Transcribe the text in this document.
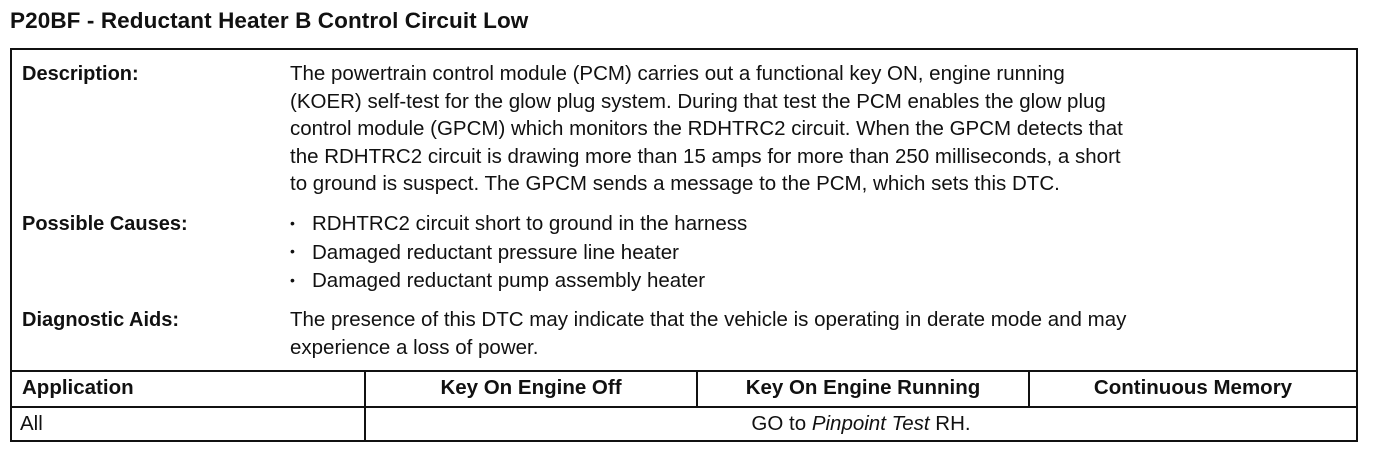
P20BF - Reductant Heater B Control Circuit Low
Description:	The powertrain control module (PCM) carries out a functional key ON, engine running

(KOER) self-test for the glow plug system. During that test the PCM enables the glow plug

control module (GPCM) which monitors the RDHTRC2 circuit. When the GPCM detects that

the RDHTRC2 circuit is drawing more than 15 amps for more than 250 milliseconds, a short

to ground is suspect. The GPCM sends a message to the PCM, which sets this DTC.

Possible Causes:	• RDHTRC2 circuit short to ground in the harness
• Damaged reductant pressure line heater
• Damaged reductant pump assembly heater
Diagnostic Aids:	The presence of this DTC may indicate that the vehicle is operating in derate mode and may

experience a loss of power.

Application	Key On Engine Off	Key On Engine Running	Continuous Memory
All	GO to Pinpoint Test RH.
